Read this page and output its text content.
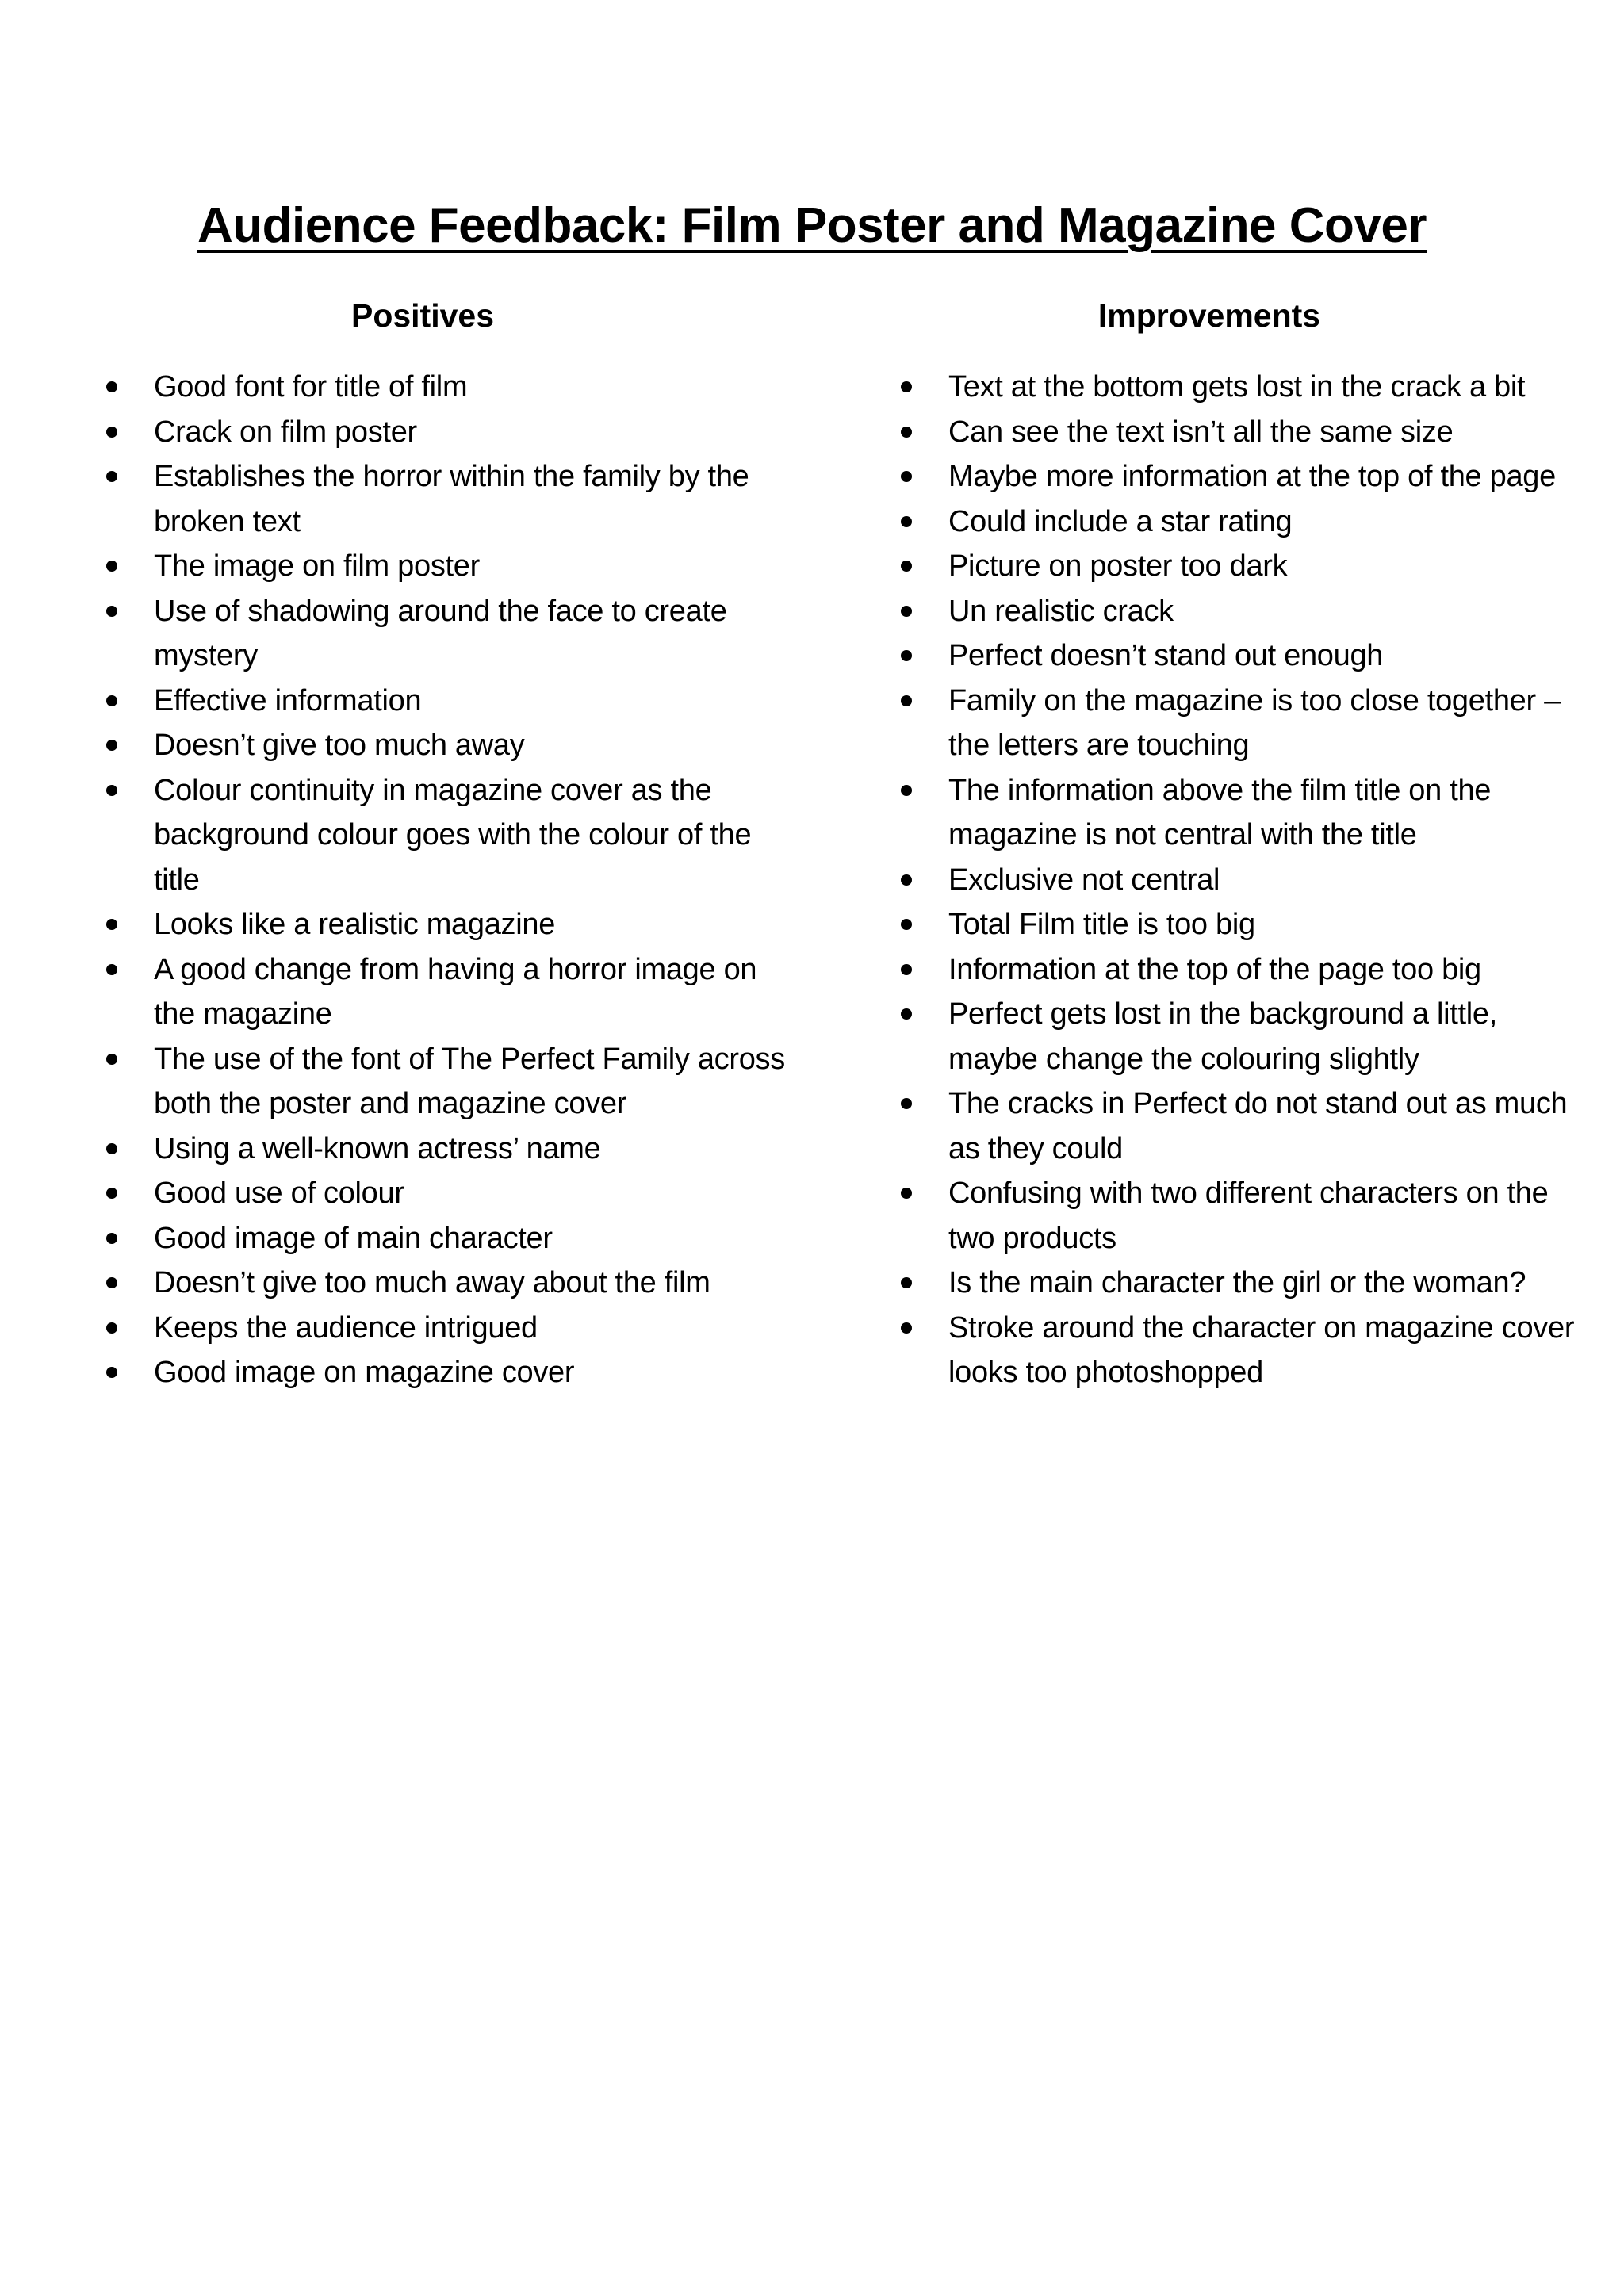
Audience Feedback: Film Poster and Magazine Cover
Positives
Good font for title of film
Crack on film poster
Establishes the horror within the family by the broken text
The image on film poster
Use of shadowing around the face to create mystery
Effective information
Doesn’t give too much away
Colour continuity in magazine cover as the background colour goes with the colour of the title
Looks like a realistic magazine
A good change from having a horror image on the magazine
The use of the font of The Perfect Family across both the poster and magazine cover
Using a well-known actress’ name
Good use of colour
Good image of main character
Doesn’t give too much away about the film
Keeps the audience intrigued
Good image on magazine cover
Improvements
Text at the bottom gets lost in the crack a bit
Can see the text isn’t all the same size
Maybe more information at the top of the page
Could include a star rating
Picture on poster too dark
Un realistic crack
Perfect doesn’t stand out enough
Family on the magazine is too close together – the letters are touching
The information above the film title on the magazine is not central with the title
Exclusive not central
Total Film title is too big
Information at the top of the page too big
Perfect gets lost in the background a little, maybe change the colouring slightly
The cracks in Perfect do not stand out as much as they could
Confusing with two different characters on the two products
Is the main character the girl or the woman?
Stroke around the character on magazine cover looks too photoshopped
